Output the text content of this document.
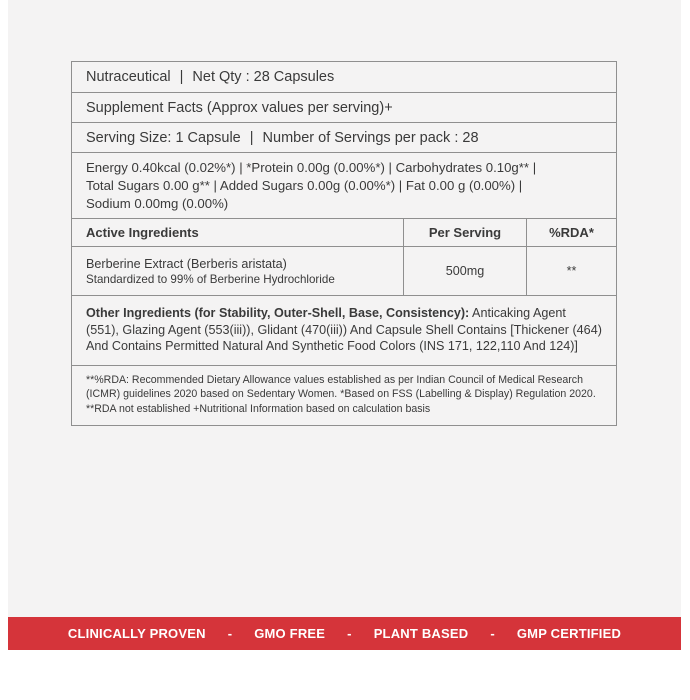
Nutraceutical | Net Qty : 28 Capsules
Supplement Facts (Approx values per serving)+
Serving Size: 1 Capsule | Number of Servings per pack : 28
Energy 0.40kcal (0.02%*) | *Protein 0.00g (0.00%*) | Carbohydrates 0.10g** |
Total Sugars 0.00 g** | Added Sugars 0.00g (0.00%*) | Fat 0.00 g (0.00%) |
Sodium 0.00mg (0.00%)
Active Ingredients	Per Serving	%RDA*
Berberine Extract (Berberis aristata)
Standardized to 99% of Berberine Hydrochloride
500mg	**
Other Ingredients (for Stability, Outer-Shell, Base, Consistency): Anticaking Agent (551), Glazing Agent (553(iii)), Glidant (470(iii)) And Capsule Shell Contains [Thickener (464) And Contains Permitted Natural And Synthetic Food Colors (INS 171, 122,110 And 124)]
**%RDA: Recommended Dietary Allowance values established as per Indian Council of Medical Research (ICMR) guidelines 2020 based on Sedentary Women. *Based on FSS (Labelling & Display) Regulation 2020. **RDA not established +Nutritional Information based on calculation basis
CLINICALLY PROVEN - GMO FREE - PLANT BASED - GMP CERTIFIED
